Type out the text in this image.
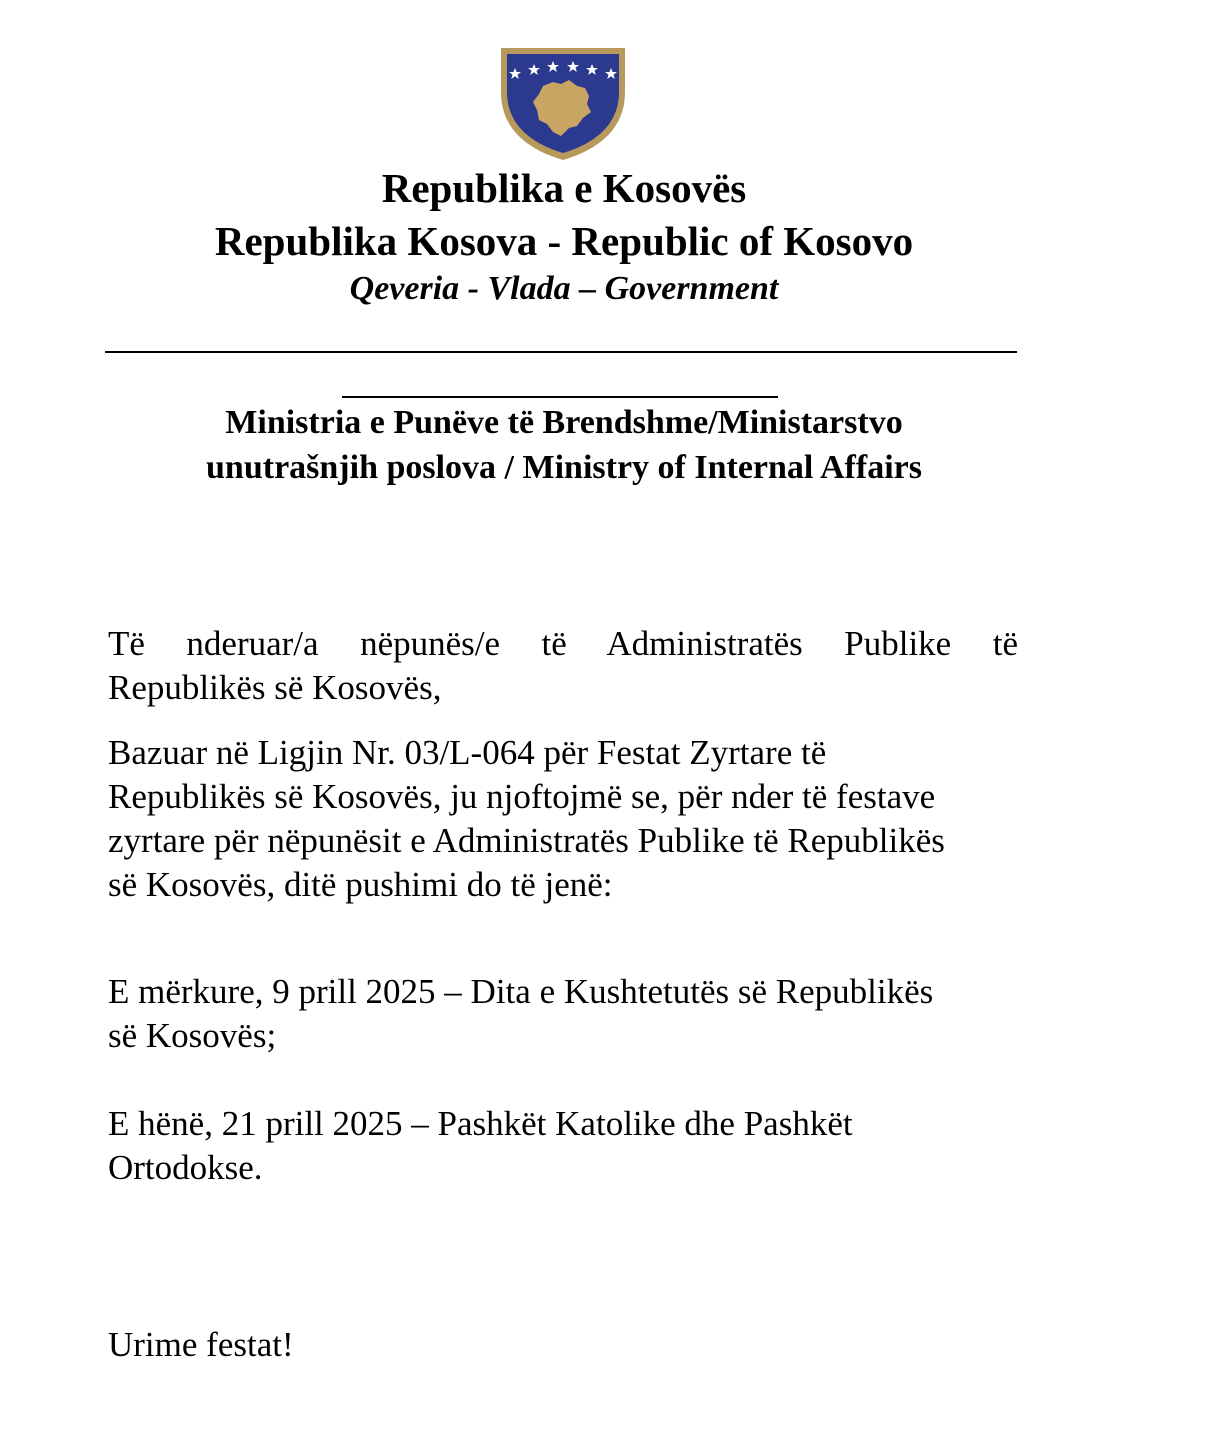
Republika e Kosovës
Republika Kosova - Republic of Kosovo
Qeveria - Vlada – Government
Ministria e Punëve të Brendshme/Ministarstvo
unutrašnjih poslova / Ministry of Internal Affairs
Të nderuar/a nëpunës/e të Administratës Publike të
Republikës së Kosovës,
Bazuar në Ligjin Nr. 03/L-064 për Festat Zyrtare të
Republikës së Kosovës, ju njoftojmë se, për nder të festave
zyrtare për nëpunësit e Administratës Publike të Republikës
së Kosovës, ditë pushimi do të jenë:
E mërkure, 9 prill 2025 – Dita e Kushtetutës së Republikës
së Kosovës;
E hënë, 21 prill 2025 – Pashkët Katolike dhe Pashkët
Ortodokse.
Urime festat!
